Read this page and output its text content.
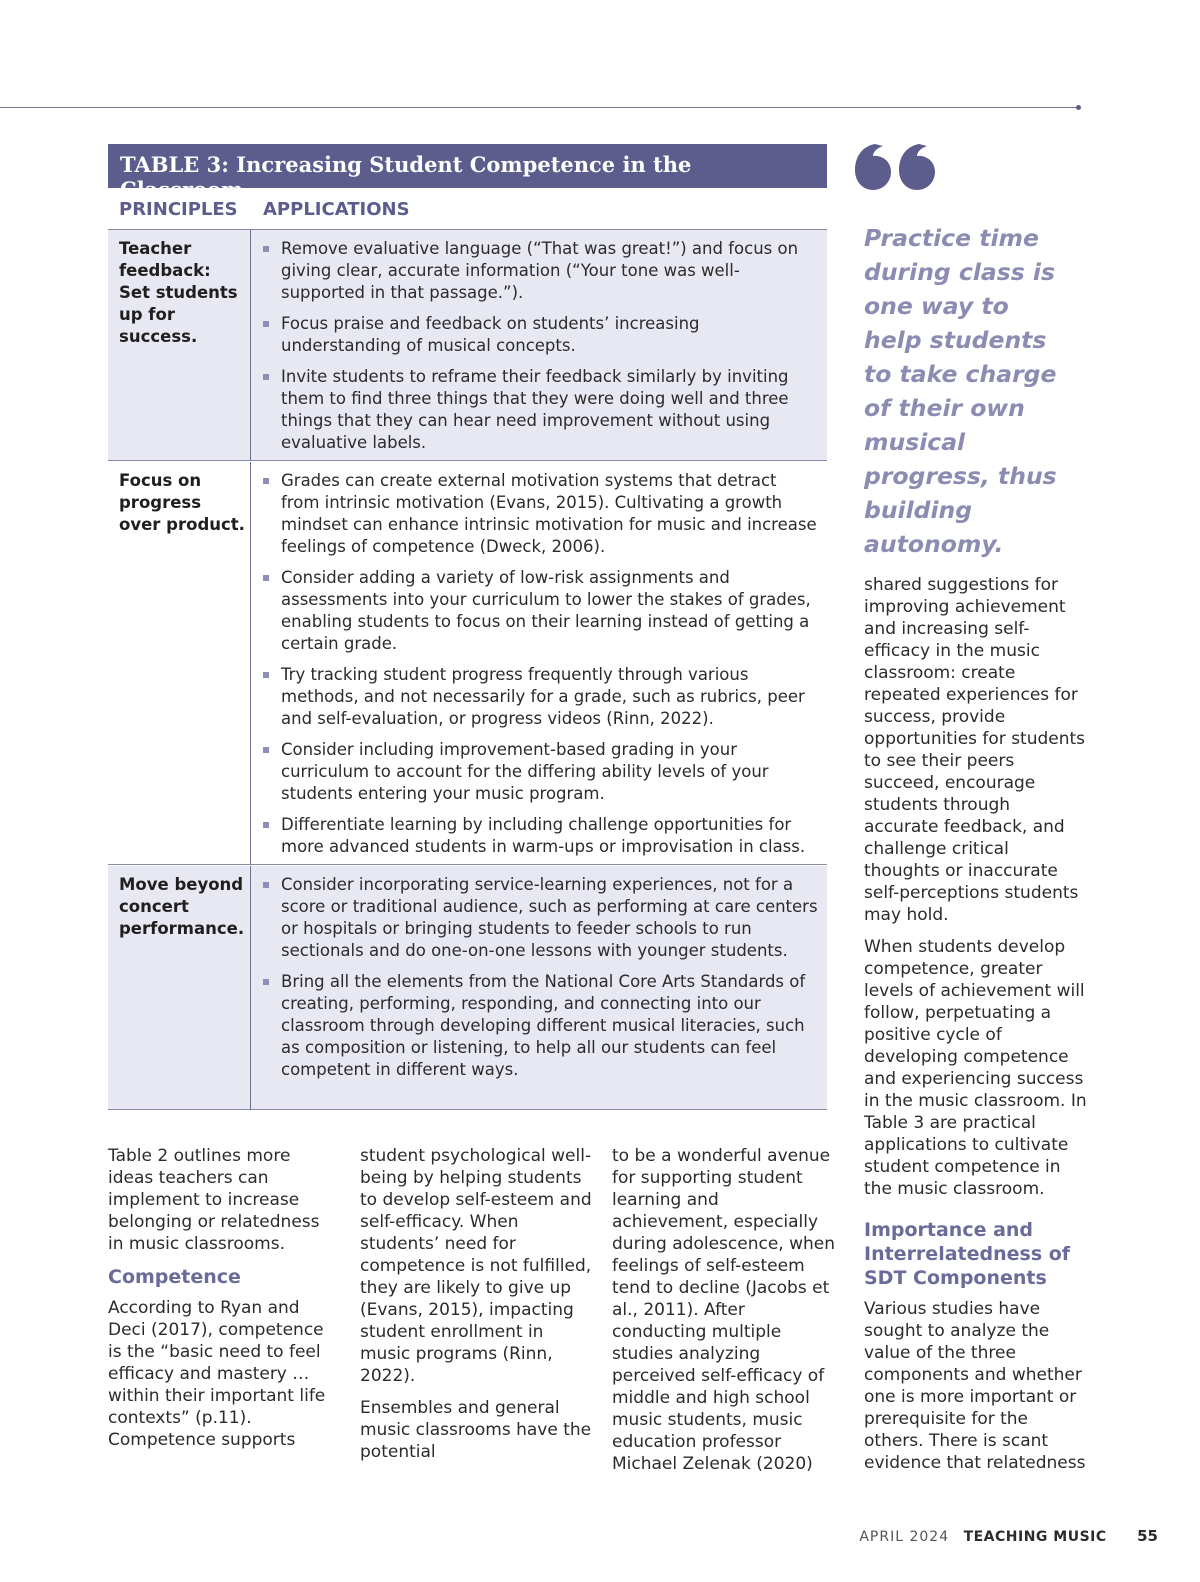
TABLE 3: Increasing Student Competence in the Classroom
PRINCIPLES APPLICATIONS
Teacher feedback: Set students up for success.
Remove evaluative language (“That was great!”) and focus on giving clear, accurate information (“Your tone was well-supported in that passage.”).
Focus praise and feedback on students’ increasing understanding of musical concepts.
Invite students to reframe their feedback similarly by inviting them to find three things that they were doing well and three things that they can hear need improvement without using evaluative labels.
Focus on progress over product.
Grades can create external motivation systems that detract from intrinsic motivation (Evans, 2015). Cultivating a growth mindset can enhance intrinsic motivation for music and increase feelings of competence (Dweck, 2006).
Consider adding a variety of low-risk assignments and assessments into your curriculum to lower the stakes of grades, enabling students to focus on their learning instead of getting a certain grade.
Try tracking student progress frequently through various methods, and not necessarily for a grade, such as rubrics, peer and self-evaluation, or progress videos (Rinn, 2022).
Consider including improvement-based grading in your curriculum to account for the differing ability levels of your students entering your music program.
Differentiate learning by including challenge opportunities for more advanced students in warm-ups or improvisation in class.
Move beyond concert performance.
Consider incorporating service-learning experiences, not for a score or traditional audience, such as performing at care centers or hospitals or bringing students to feeder schools to run sectionals and do one-on-one lessons with younger students.
Bring all the elements from the National Core Arts Standards of creating, performing, responding, and connecting into our classroom through developing different musical literacies, such as composition or listening, to help all our students can feel competent in different ways.
Practice time during class is one way to help students to take charge of their own musical progress, thus building autonomy.

Table 2 outlines more ideas teachers can implement to increase belonging or relatedness in music classrooms.

Competence

According to Ryan and Deci (2017), competence is the “basic need to feel efficacy and mastery … within their important life contexts” (p.11). Competence supports

student psychological well-being by helping students to develop self-esteem and self-efficacy. When students’ need for competence is not fulfilled, they are likely to give up (Evans, 2015), impacting student enrollment in music programs (Rinn, 2022).

Ensembles and general music classrooms have the potential

to be a wonderful avenue for supporting student learning and achievement, especially during adolescence, when feelings of self-esteem tend to decline (Jacobs et al., 2011). After conducting multiple studies analyzing perceived self-efficacy of middle and high school music students, music education professor Michael Zelenak (2020)

shared suggestions for improving achievement and increasing self-efficacy in the music classroom: create repeated experiences for success, provide opportunities for students to see their peers succeed, encourage students through accurate feedback, and challenge critical thoughts or inaccurate self-perceptions students may hold.

When students develop competence, greater levels of achievement will follow, perpetuating a positive cycle of developing competence and experiencing success in the music classroom. In Table 3 are practical applications to cultivate student competence in the music classroom.

Importance and Interrelatedness of SDT Components

Various studies have sought to analyze the value of the three components and whether one is more important or prerequisite for the others. There is scant evidence that relatedness

APRIL 2024 TEACHING MUSIC 55
